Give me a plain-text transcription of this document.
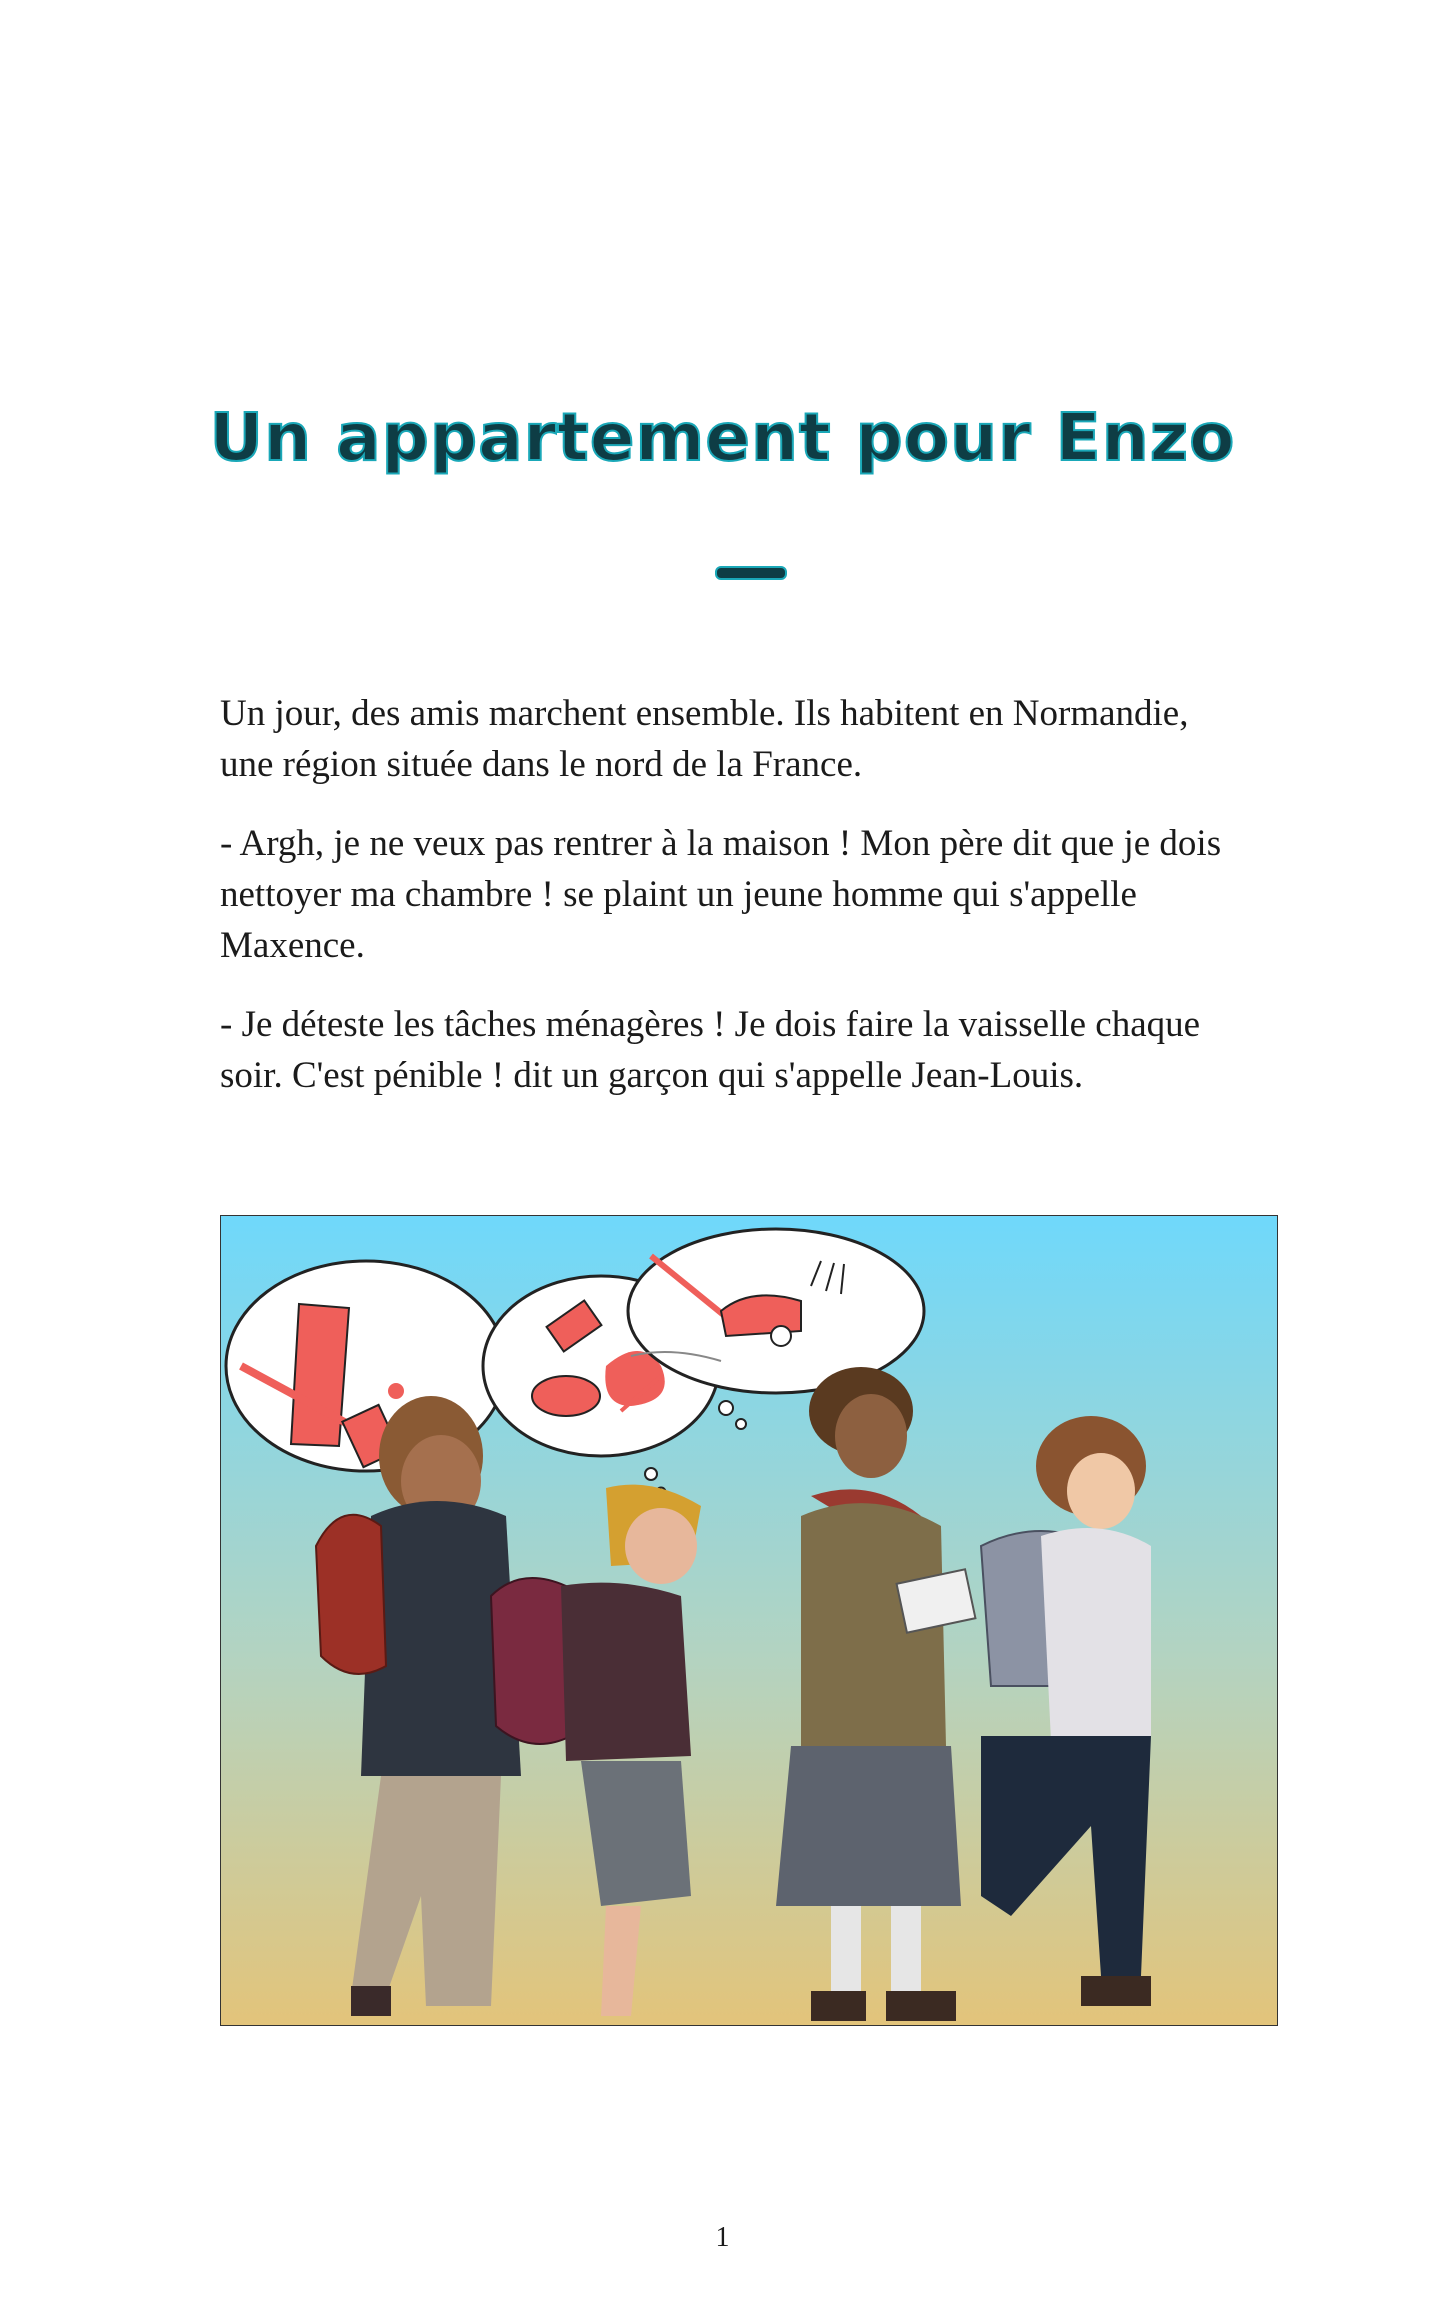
Un appartement pour Enzo

Un jour, des amis marchent ensemble. Ils habitent en Normandie, une région située dans le nord de la France.

- Argh, je ne veux pas rentrer à la maison ! Mon père dit que je dois nettoyer ma chambre ! se plaint un jeune homme qui s'appelle Maxence.

- Je déteste les tâches ménagères ! Je dois faire la vaisselle chaque soir. C'est pénible ! dit un garçon qui s'appelle Jean-Louis.

1
